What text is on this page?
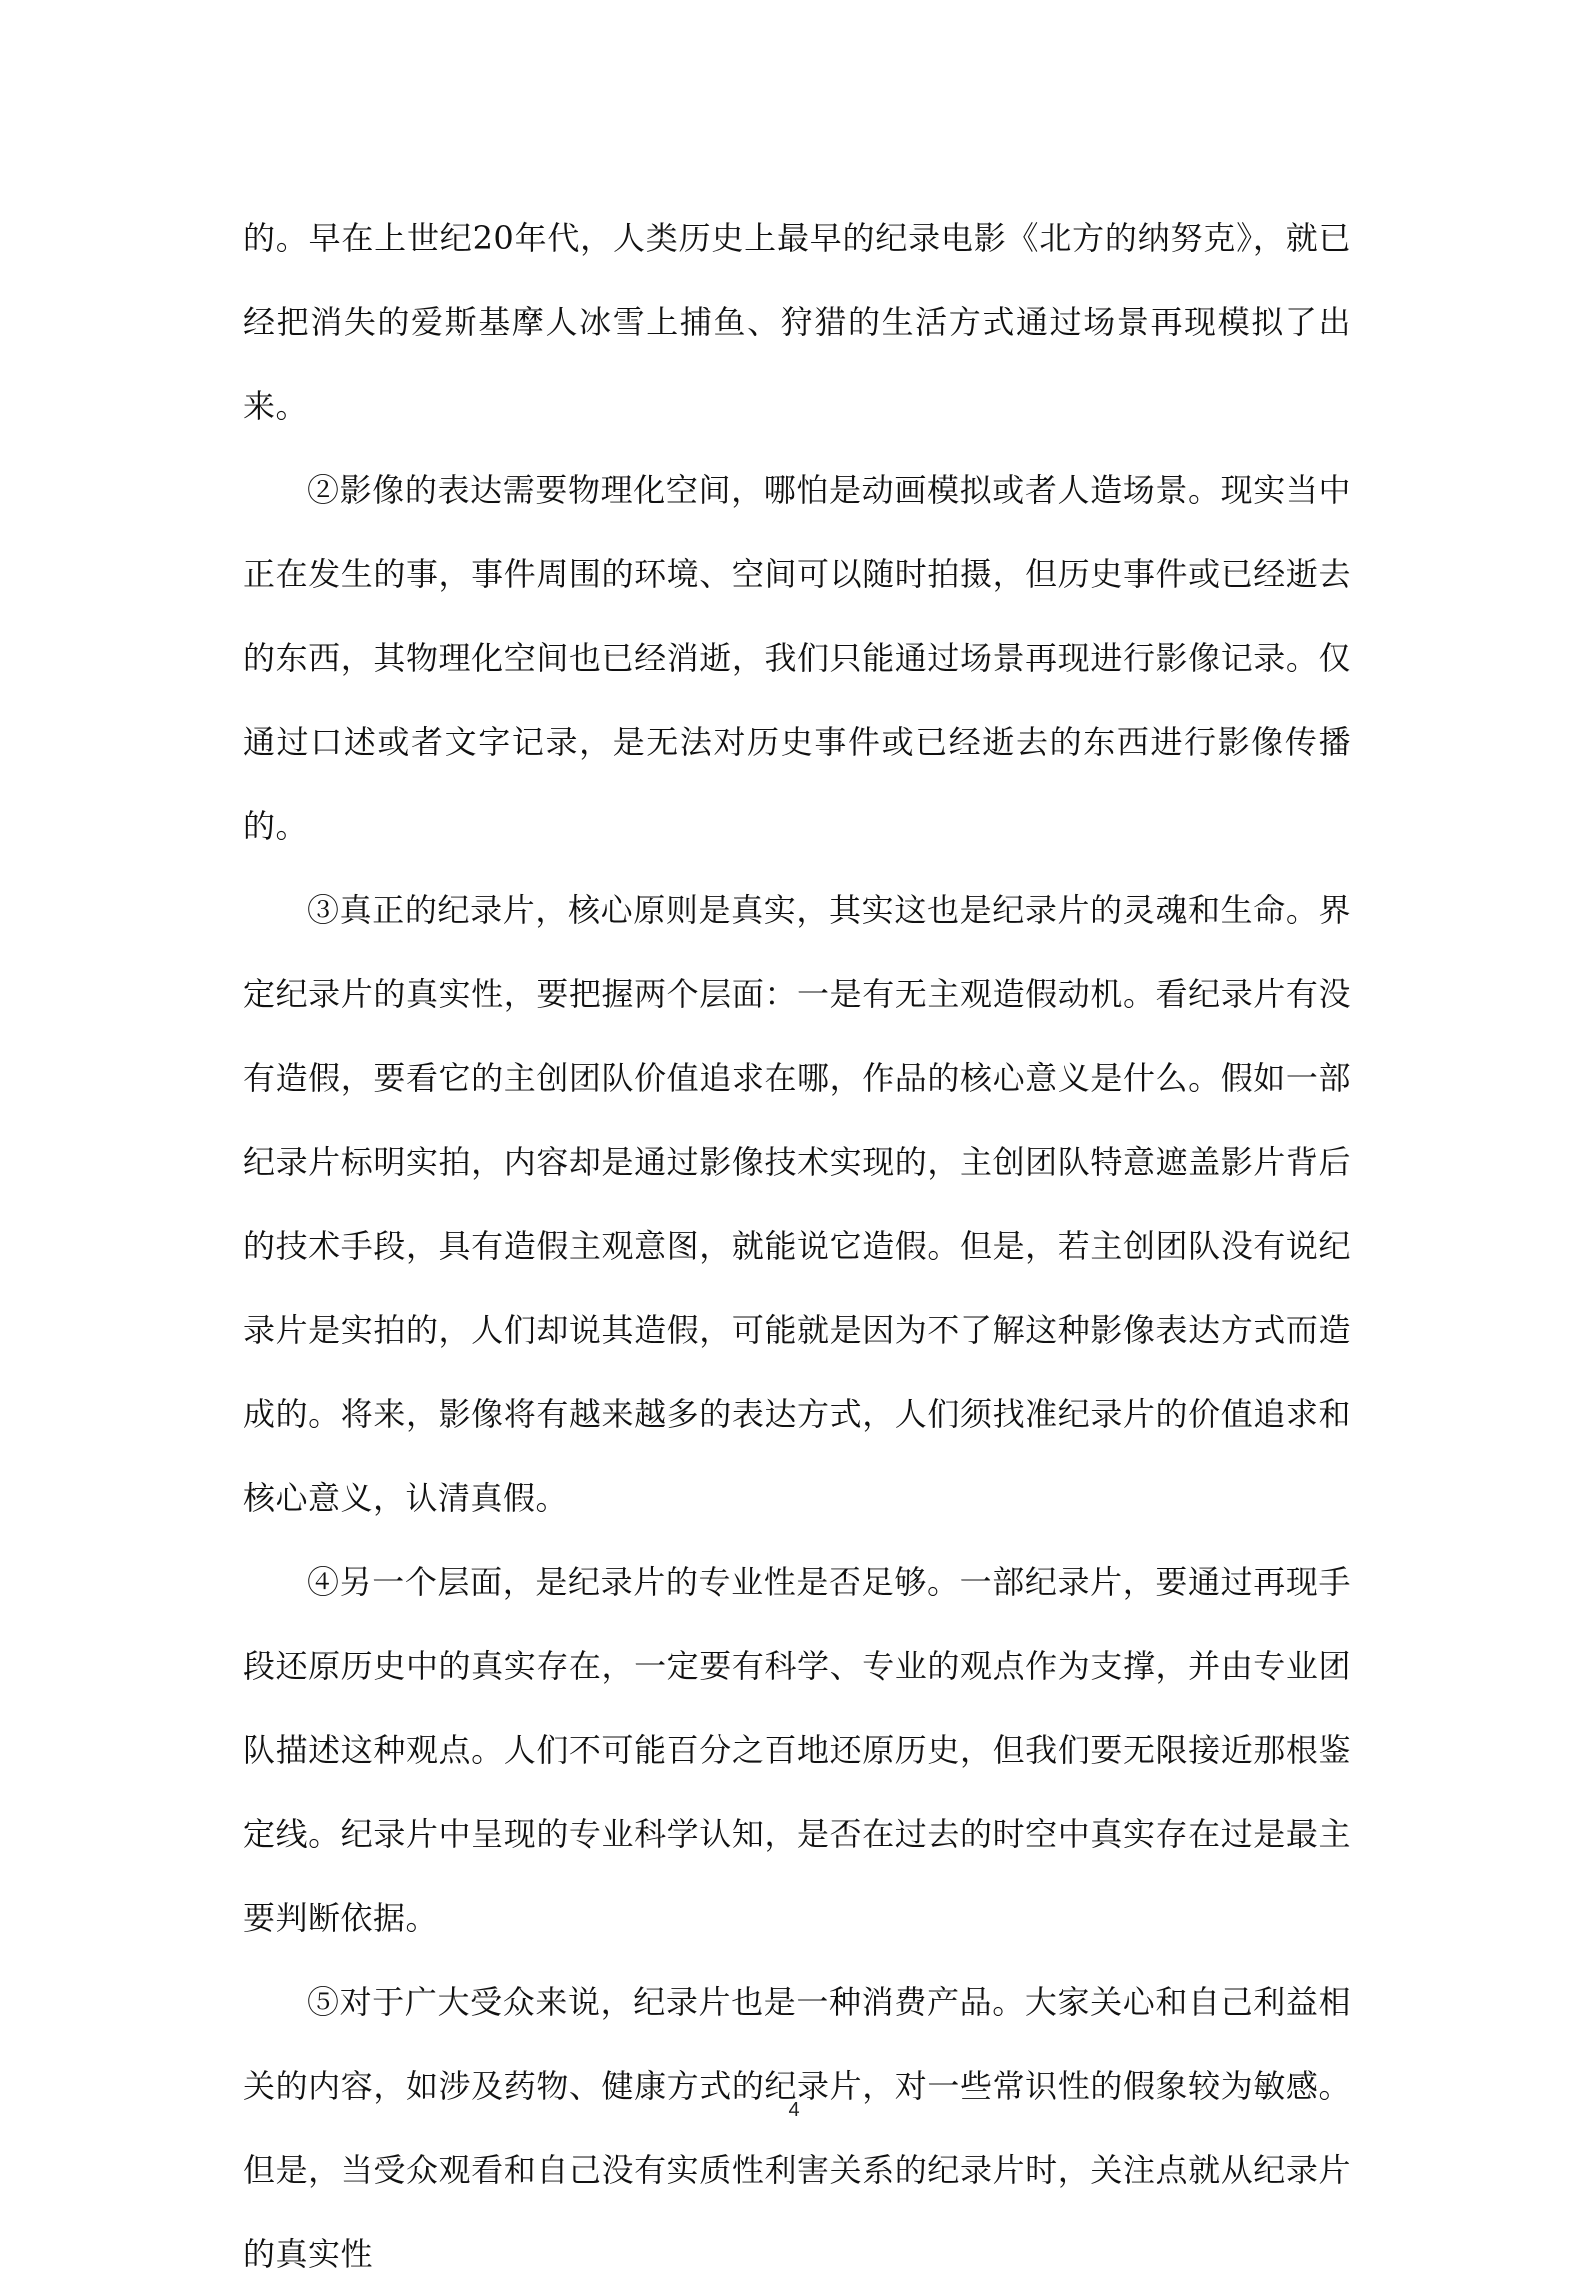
的。早在上世纪20年代，人类历史上最早的纪录电影《北方的纳努克》，就已经把消失的爱斯基摩人冰雪上捕鱼、狩猎的生活方式通过场景再现模拟了出来。

②影像的表达需要物理化空间，哪怕是动画模拟或者人造场景。现实当中正在发生的事，事件周围的环境、空间可以随时拍摄，但历史事件或已经逝去的东西，其物理化空间也已经消逝，我们只能通过场景再现进行影像记录。仅通过口述或者文字记录，是无法对历史事件或已经逝去的东西进行影像传播的。

③真正的纪录片，核心原则是真实，其实这也是纪录片的灵魂和生命。界定纪录片的真实性，要把握两个层面：一是有无主观造假动机。看纪录片有没有造假，要看它的主创团队价值追求在哪，作品的核心意义是什么。假如一部纪录片标明实拍，内容却是通过影像技术实现的，主创团队特意遮盖影片背后的技术手段，具有造假主观意图，就能说它造假。但是，若主创团队没有说纪录片是实拍的，人们却说其造假，可能就是因为不了解这种影像表达方式而造成的。将来，影像将有越来越多的表达方式，人们须找准纪录片的价值追求和核心意义，认清真假。

④另一个层面，是纪录片的专业性是否足够。一部纪录片，要通过再现手段还原历史中的真实存在，一定要有科学、专业的观点作为支撑，并由专业团队描述这种观点。人们不可能百分之百地还原历史，但我们要无限接近那根鉴定线。纪录片中呈现的专业科学认知，是否在过去的时空中真实存在过是最主要判断依据。

⑤对于广大受众来说，纪录片也是一种消费产品。大家关心和自己利益相关的内容，如涉及药物、健康方式的纪录片，对一些常识性的假象较为敏感。但是，当受众观看和自己没有实质性利害关系的纪录片时，关注点就从纪录片的真实性

4
